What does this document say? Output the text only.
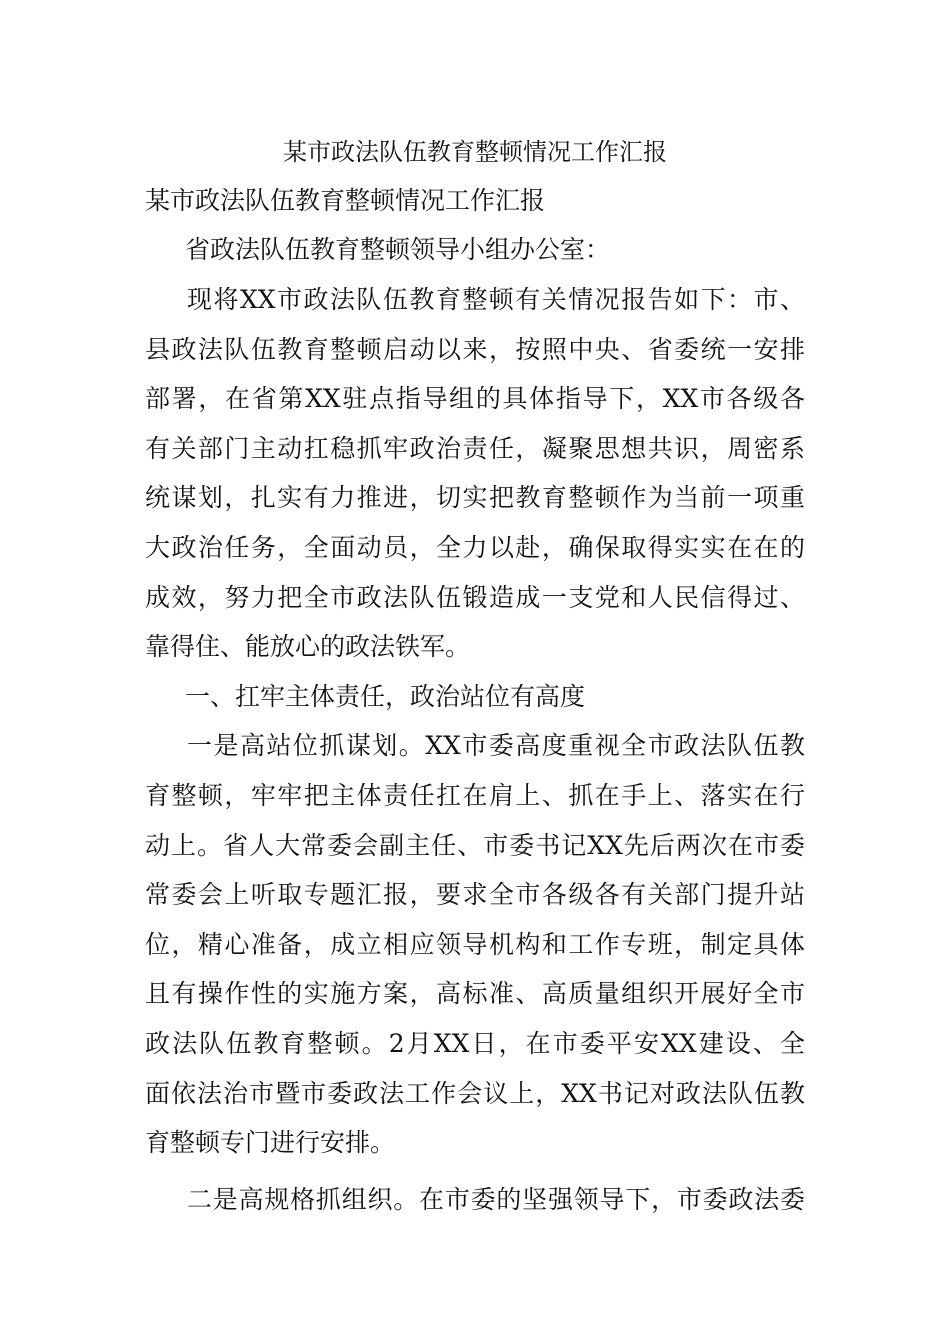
某市政法队伍教育整顿情况工作汇报

某市政法队伍教育整顿情况工作汇报

省政法队伍教育整顿领导小组办公室：

现将XX市政法队伍教育整顿有关情况报告如下：市、

县政法队伍教育整顿启动以来，按照中央、省委统一安排

部署，在省第XX驻点指导组的具体指导下，XX市各级各

有关部门主动扛稳抓牢政治责任，凝聚思想共识，周密系

统谋划，扎实有力推进，切实把教育整顿作为当前一项重

大政治任务，全面动员，全力以赴，确保取得实实在在的

成效，努力把全市政法队伍锻造成一支党和人民信得过、

靠得住、能放心的政法铁军。

一、扛牢主体责任，政治站位有高度

一是高站位抓谋划。XX市委高度重视全市政法队伍教

育整顿，牢牢把主体责任扛在肩上、抓在手上、落实在行

动上。省人大常委会副主任、市委书记XX先后两次在市委

常委会上听取专题汇报，要求全市各级各有关部门提升站

位，精心准备，成立相应领导机构和工作专班，制定具体

且有操作性的实施方案，高标准、高质量组织开展好全市

政法队伍教育整顿。2月XX日，在市委平安XX建设、全

面依法治市暨市委政法工作会议上，XX书记对政法队伍教

育整顿专门进行安排。

二是高规格抓组织。在市委的坚强领导下，市委政法委
